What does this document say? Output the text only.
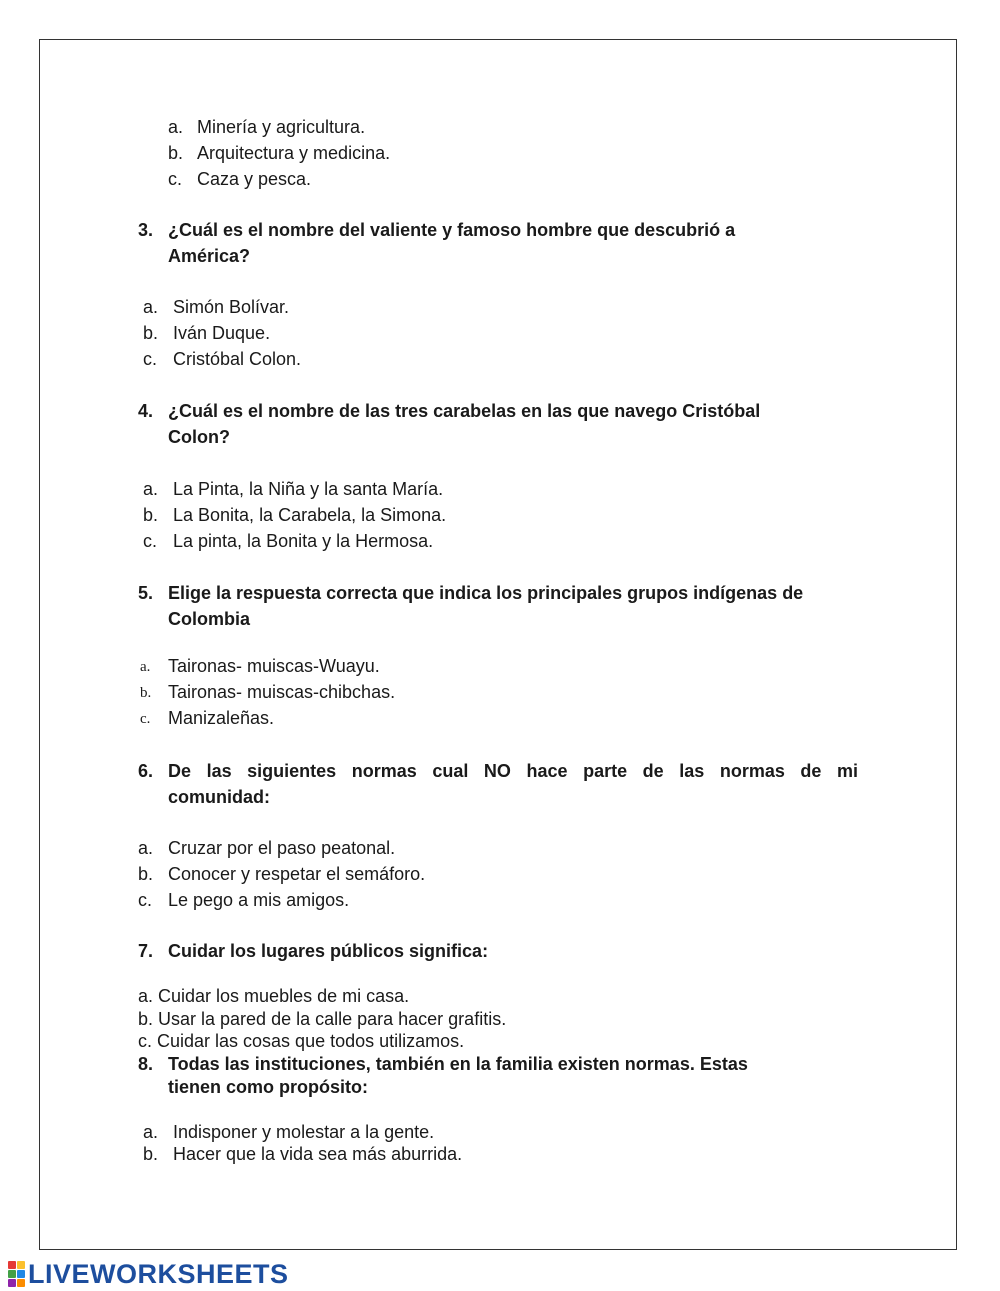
a. Minería y agricultura.
b. Arquitectura y medicina.
c. Caza y pesca.
3. ¿Cuál es el nombre del valiente y famoso hombre que descubrió a
América?
a. Simón Bolívar.
b. Iván Duque.
c. Cristóbal Colon.
4. ¿Cuál es el nombre de las tres carabelas en las que navego Cristóbal
Colon?
a. La Pinta, la Niña y la santa María.
b. La Bonita, la Carabela, la Simona.
c. La pinta, la Bonita y la Hermosa.
5. Elige la respuesta correcta que indica los principales grupos indígenas de
Colombia
a. Taironas- muiscas-Wuayu.
b. Taironas- muiscas-chibchas.
c. Manizaleñas.
6. De las siguientes normas cual NO hace parte de las normas de mi
comunidad:
a. Cruzar por el paso peatonal.
b. Conocer y respetar el semáforo.
c. Le pego a mis amigos.
7. Cuidar los lugares públicos significa:
a. Cuidar los muebles de mi casa.
b. Usar la pared de la calle para hacer grafitis.
c. Cuidar las cosas que todos utilizamos.
8. Todas las instituciones, también en la familia existen normas. Estas
tienen como propósito:
a. Indisponer y molestar a la gente.
b. Hacer que la vida sea más aburrida.
LIVEWORKSHEETS
